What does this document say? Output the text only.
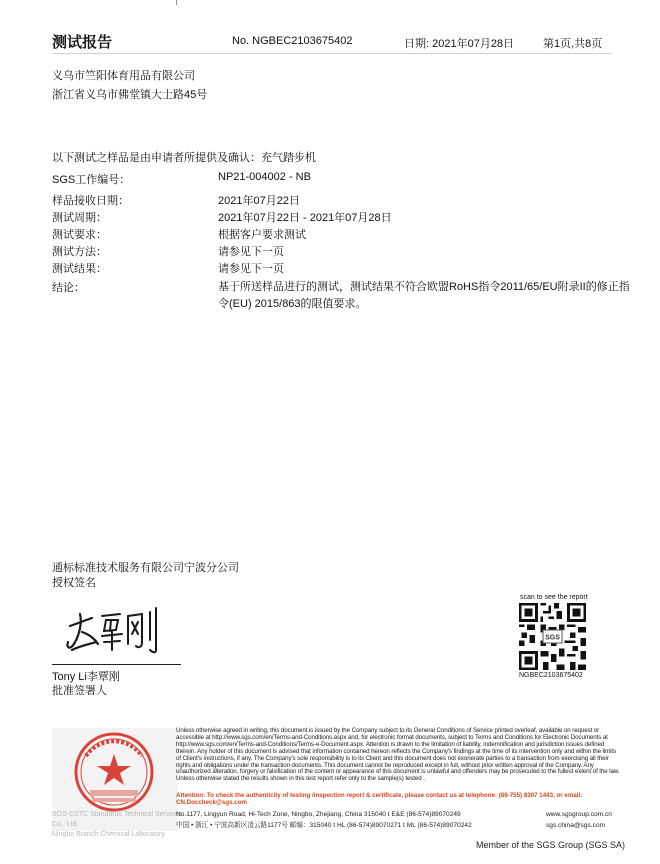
测试报告	No. NGBEC2103675402	日期: 2021年07月28日	第1页,共8页
义乌市竺阳体育用品有限公司
浙江省义乌市佛堂镇大士路45号
以下测试之样品是由申请者所提供及确认：充气踏步机
SGS工作编号：	NP21-004002 - NB
样品接收日期：	2021年07月22日
测试周期：	2021年07月22日 - 2021年07月28日
测试要求：	根据客户要求测试
测试方法：	请参见下一页
测试结果：	请参见下一页
结论：	基于所送样品进行的测试，测试结果不符合欧盟RoHS指令2011/65/EU附录II的修正指令(EU) 2015/863的限值要求。
通标标准技术服务有限公司宁波分公司
授权签名
Tony Li李覃刚
批准签署人
scan to see the report
SGS
NGBEC2103675402
SGS-CSTC Standards Technical Services Co., Ltd.
Ningbo Branch Chemical Laboratory
Unless otherwise agreed in writing, this document is issued by the Company subject to its General Conditions of Service printed overleaf, available on request or accessible at http://www.sgs.com/en/Terms-and-Conditions.aspx and, for electronic format documents, subject to Terms and Conditions for Electronic Documents at http://www.sgs.com/en/Terms-and-Conditions/Terms-e-Document.aspx. Attention is drawn to the limitation of liability, indemnification and jurisdiction issues defined therein. Any holder of this document is advised that information contained hereon reflects the Company's findings at the time of its intervention only and within the limits of Client's instructions, if any. The Company's sole responsibility is to its Client and this document does not exonerate parties to a transaction from exercising all their rights and obligations under the transaction documents. This document cannot be reproduced except in full, without prior written approval of the Company. Any unauthorized alteration, forgery or falsification of the content or appearance of this document is unlawful and offenders may be prosecuted to the fullest extent of the law. Unless otherwise stated the results shown in this test report refer only to the sample(s) tested .
Attention: To check the authenticity of testing /inspection report & certificate, please contact us at telephone: (86-755) 8307 1443, or email: CN.Doccheck@sgs.com
No.1177, Lingyun Road, Hi-Tech Zone, Ningbo, Zhejiang, China 315040 t E&E (86-574)89070249
中国 • 浙江 • 宁波高新区凌云路1177号 邮编：315040 t HL (86-574)89070271 t ML (86-574)89070242
www.sgsgroup.com.cn
sgs.china@sgs.com
Member of the SGS Group (SGS SA)
